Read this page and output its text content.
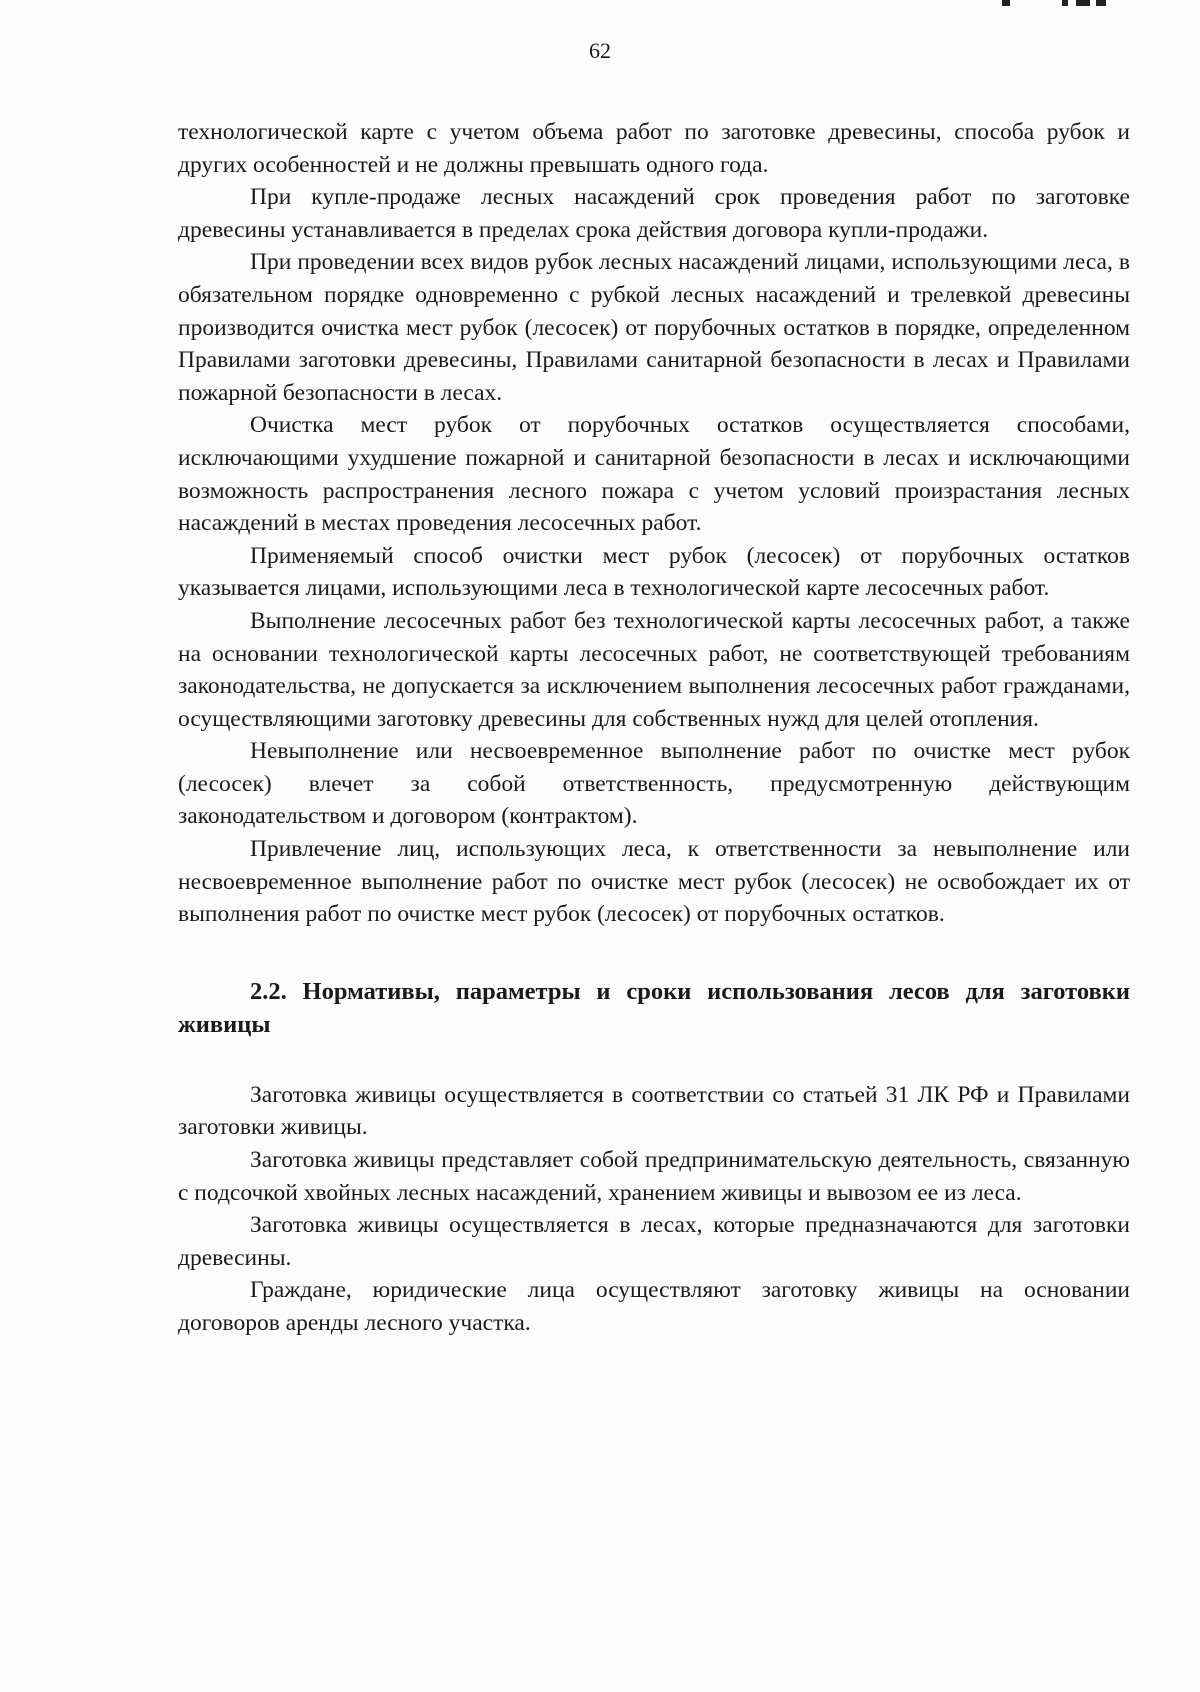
62

технологической карте с учетом объема работ по заготовке древесины, способа рубок и других особенностей и не должны превышать одного года.

При купле-продаже лесных насаждений срок проведения работ по заготовке древесины устанавливается в пределах срока действия договора купли-продажи.

При проведении всех видов рубок лесных насаждений лицами, использующими леса, в обязательном порядке одновременно с рубкой лесных насаждений и трелевкой древесины производится очистка мест рубок (лесосек) от порубочных остатков в порядке, определенном Правилами заготовки древесины, Правилами санитарной безопасности в лесах и Правилами пожарной безопасности в лесах.

Очистка мест рубок от порубочных остатков осуществляется способами, исключающими ухудшение пожарной и санитарной безопасности в лесах и исключающими возможность распространения лесного пожара с учетом условий произрастания лесных насаждений в местах проведения лесосечных работ.

Применяемый способ очистки мест рубок (лесосек) от порубочных остатков указывается лицами, использующими леса в технологической карте лесосечных работ.

Выполнение лесосечных работ без технологической карты лесосечных работ, а также на основании технологической карты лесосечных работ, не соответствующей требованиям законодательства, не допускается за исключением выполнения лесосечных работ гражданами, осуществляющими заготовку древесины для собственных нужд для целей отопления.

Невыполнение или несвоевременное выполнение работ по очистке мест рубок (лесосек) влечет за собой ответственность, предусмотренную действующим законодательством и договором (контрактом).

Привлечение лиц, использующих леса, к ответственности за невыполнение или несвоевременное выполнение работ по очистке мест рубок (лесосек) не освобождает их от выполнения работ по очистке мест рубок (лесосек) от порубочных остатков.

2.2. Нормативы, параметры и сроки использования лесов для заготовки живицы

Заготовка живицы осуществляется в соответствии со статьей 31 ЛК РФ и Правилами заготовки живицы.

Заготовка живицы представляет собой предпринимательскую деятельность, связанную с подсочкой хвойных лесных насаждений, хранением живицы и вывозом ее из леса.

Заготовка живицы осуществляется в лесах, которые предназначаются для заготовки древесины.

Граждане, юридические лица осуществляют заготовку живицы на основании договоров аренды лесного участка.
